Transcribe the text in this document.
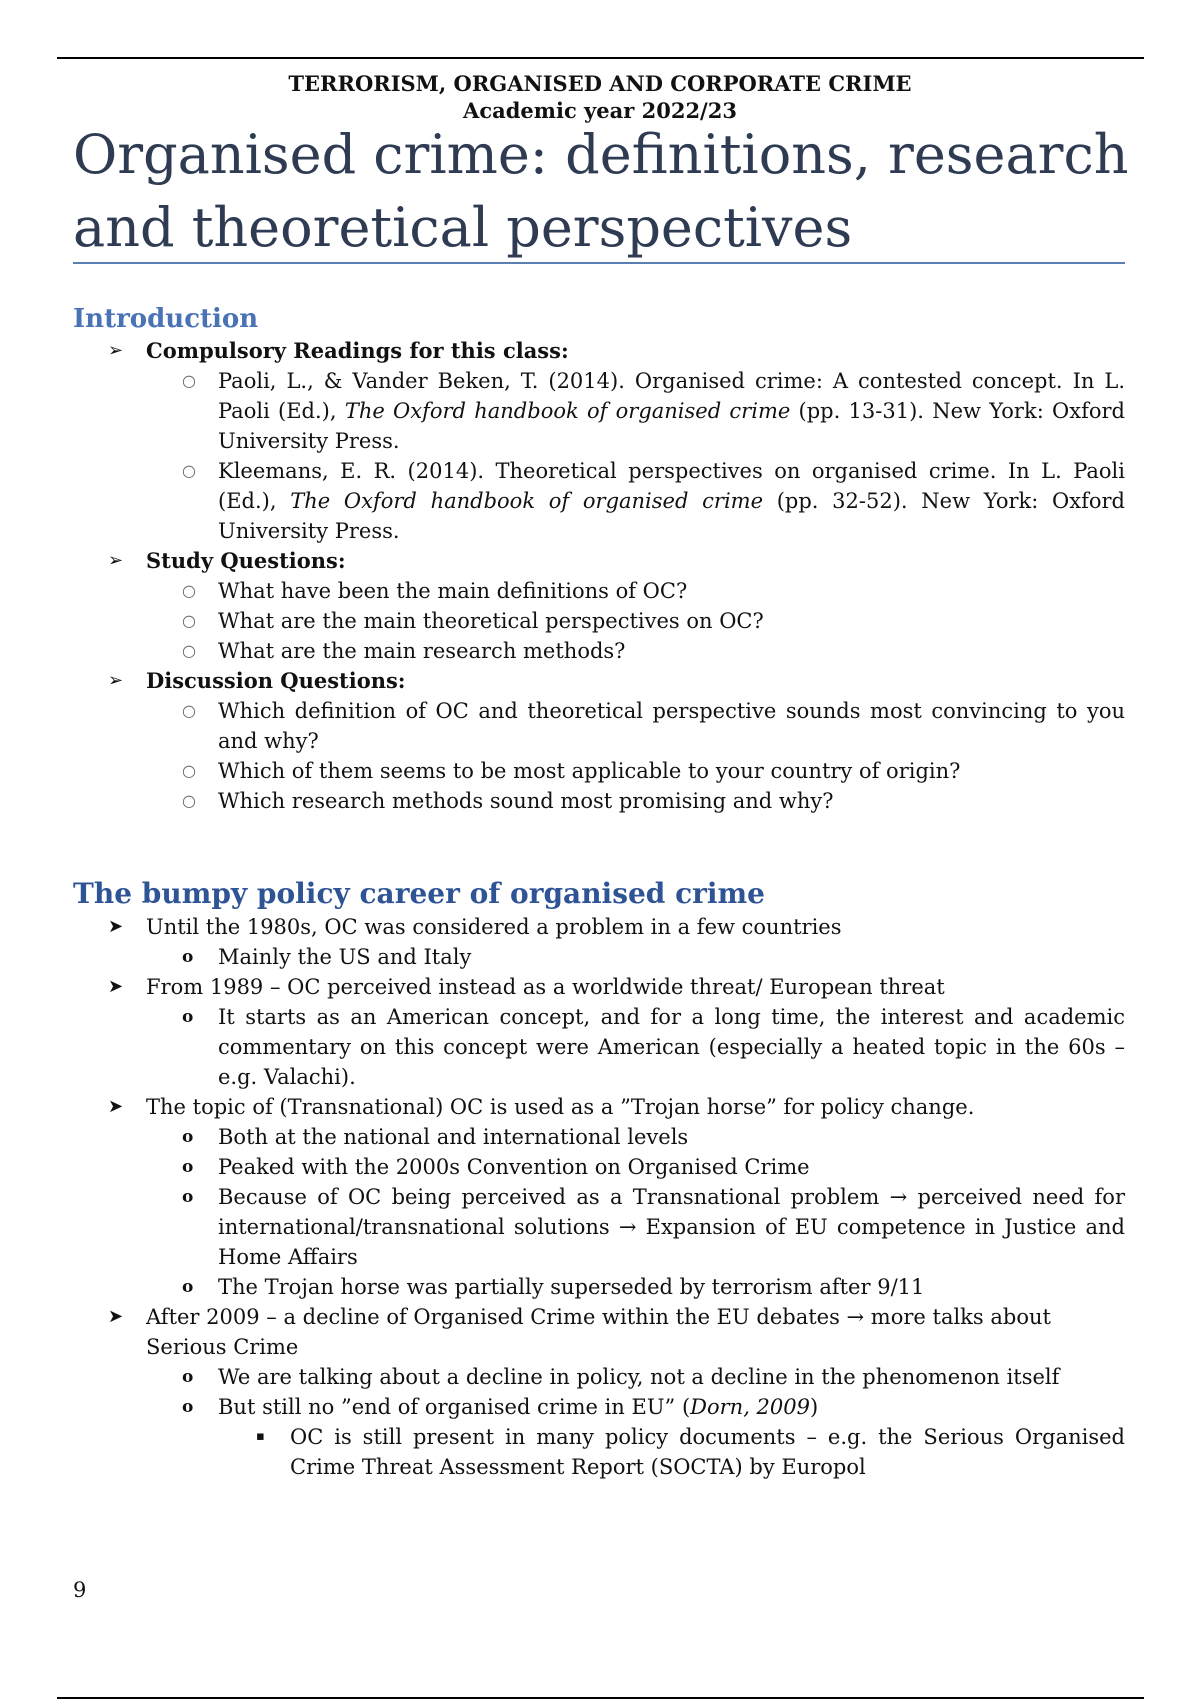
TERRORISM, ORGANISED AND CORPORATE CRIME
Academic year 2022/23
Organised crime: definitions, research and theoretical perspectives
Introduction
➢ Compulsory Readings for this class:
○ Paoli, L., & Vander Beken, T. (2014). Organised crime: A contested concept. In L. Paoli (Ed.), The Oxford handbook of organised crime (pp. 13-31). New York: Oxford University Press.
○ Kleemans, E. R. (2014). Theoretical perspectives on organised crime. In L. Paoli (Ed.), The Oxford handbook of organised crime (pp. 32-52). New York: Oxford University Press.
➢ Study Questions:
○ What have been the main definitions of OC?
○ What are the main theoretical perspectives on OC?
○ What are the main research methods?
➢ Discussion Questions:
○ Which definition of OC and theoretical perspective sounds most convincing to you and why?
○ Which of them seems to be most applicable to your country of origin?
○ Which research methods sound most promising and why?
The bumpy policy career of organised crime
➤ Until the 1980s, OC was considered a problem in a few countries
o Mainly the US and Italy
➤ From 1989 – OC perceived instead as a worldwide threat/ European threat
o It starts as an American concept, and for a long time, the interest and academic commentary on this concept were American (especially a heated topic in the 60s – e.g. Valachi).
➤ The topic of (Transnational) OC is used as a ”Trojan horse” for policy change.
o Both at the national and international levels
o Peaked with the 2000s Convention on Organised Crime
o Because of OC being perceived as a Transnational problem → perceived need for international/transnational solutions → Expansion of EU competence in Justice and Home Affairs
o The Trojan horse was partially superseded by terrorism after 9/11
➤ After 2009 – a decline of Organised Crime within the EU debates → more talks about Serious Crime
o We are talking about a decline in policy, not a decline in the phenomenon itself
o But still no ”end of organised crime in EU” (Dorn, 2009)
▪ OC is still present in many policy documents – e.g. the Serious Organised Crime Threat Assessment Report (SOCTA) by Europol
9
